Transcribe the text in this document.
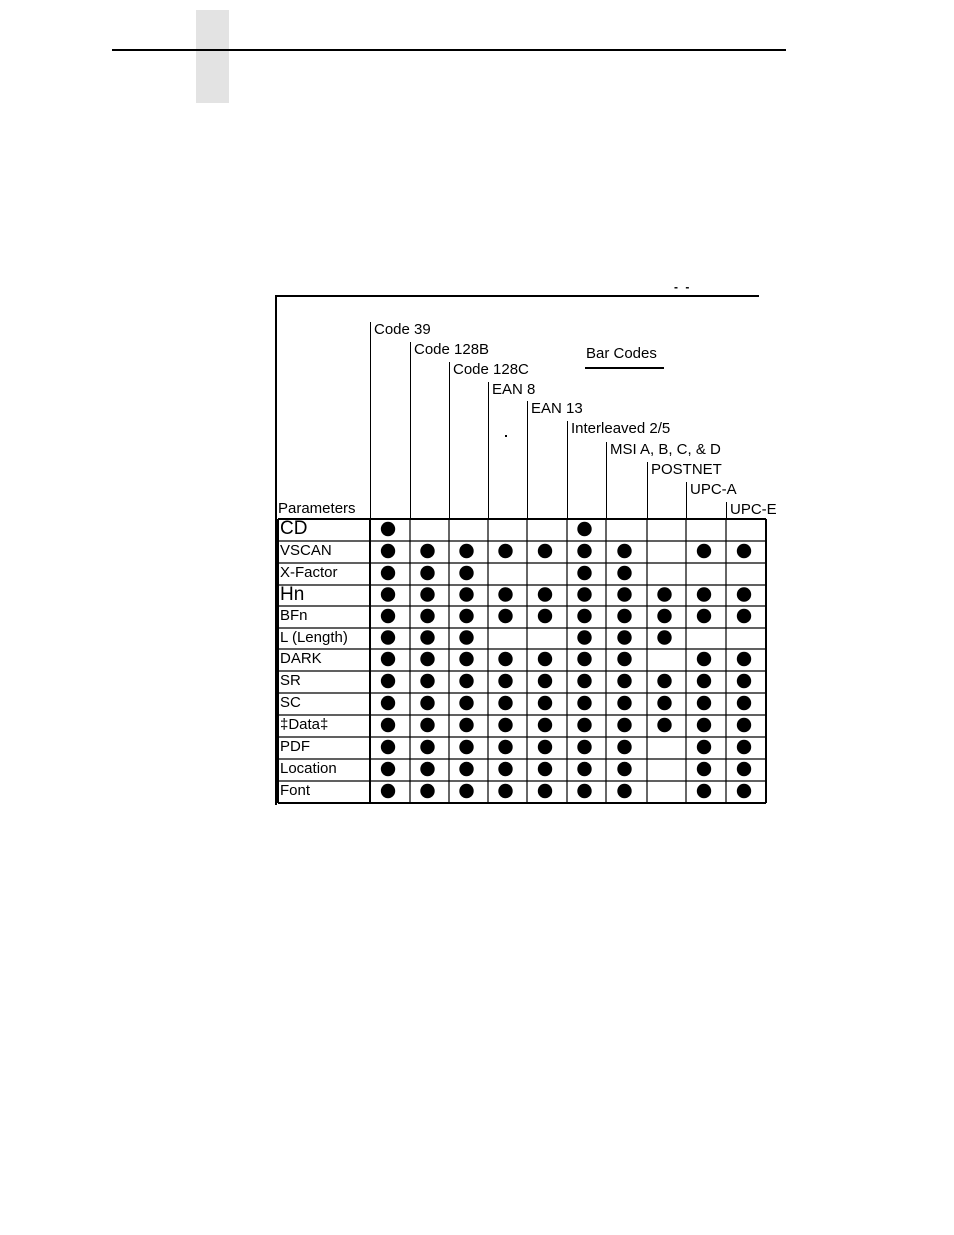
- -
Bar Codes
Parameters
Code 39
Code 128B
Code 128C
EAN 8
EAN 13
Interleaved 2/5
MSI A, B, C, & D
POSTNET
UPC-A
UPC-E
CD
VSCAN
X-Factor
Hn
BFn
L (Length)
DARK
SR
SC
‡Data‡
PDF
Location
Font
